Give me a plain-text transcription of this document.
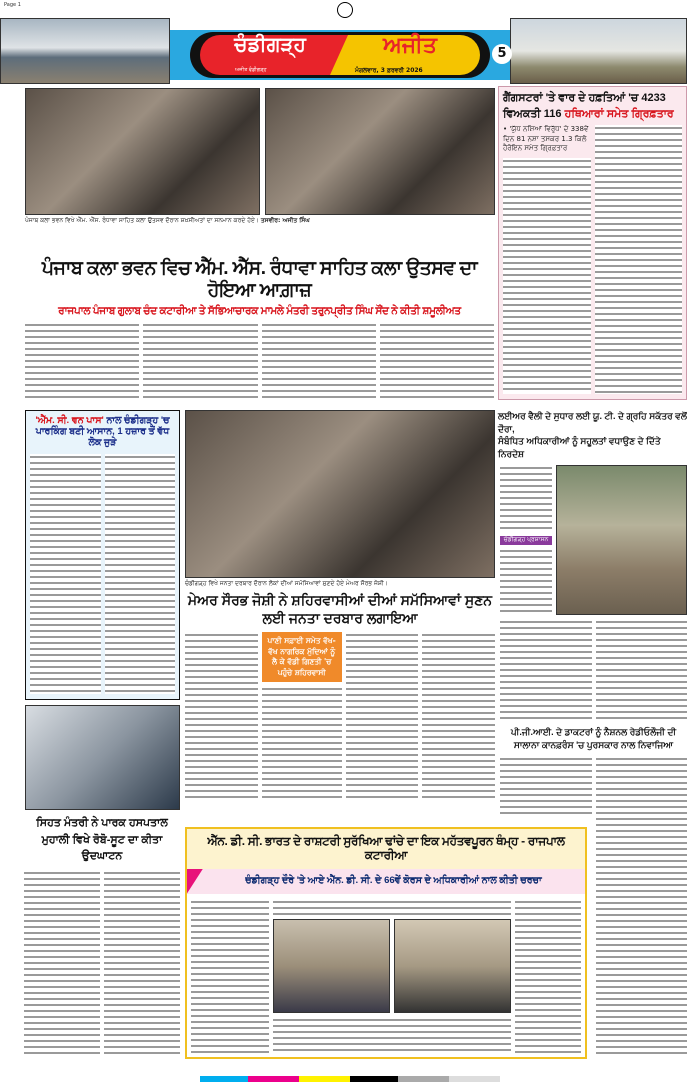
Page 1
ਚੰਡੀਗੜ੍ਹ
ਅਜੀਤ ਵੰਡੀਗੜ੍ਹ
ਅਜੀਤ
ਮੰਗਲਵਾਰ, 3 ਫ਼ਰਵਰੀ 2026
5
ਪੰਜਾਬ ਕਲਾ ਭਵਨ ਵਿਖੇ ਐੱਮ. ਐੱਸ. ਰੰਧਾਵਾ ਸਾਹਿਤ ਕਲਾ ਉਤਸਵ ਦੌਰਾਨ ਸ਼ਖ਼ਸੀਅਤਾਂ ਦਾ ਸਨਮਾਨ ਕਰਦੇ ਹੋਏ। ਤਸਵੀਰ: ਅਜੀਤ ਸਿੰਘ
ਪੰਜਾਬ ਕਲਾ ਭਵਨ ਵਿਚ ਐੱਮ. ਐੱਸ. ਰੰਧਾਵਾ ਸਾਹਿਤ ਕਲਾ ਉਤਸਵ ਦਾ ਹੋਇਆ ਆਗ਼ਾਜ਼
ਰਾਜਪਾਲ ਪੰਜਾਬ ਗੁਲਾਬ ਚੰਦ ਕਟਾਰੀਆ ਤੇ ਸੱਭਿਆਚਾਰਕ ਮਾਮਲੇ ਮੰਤਰੀ ਤਰੁਨਪ੍ਰੀਤ ਸਿੰਘ ਸੌਂਦ ਨੇ ਕੀਤੀ ਸ਼ਮੂਲੀਅਤ
ਗੈਂਗਸਟਰਾਂ 'ਤੇ ਵਾਰ ਦੇ ਹਫ਼ਤਿਆਂ 'ਚ 4233
ਵਿਅਕਤੀ 116 ਹਥਿਆਰਾਂ ਸਮੇਤ ਗ੍ਰਿਫ਼ਤਾਰ
• 'ਯੁੱਧ ਨਸ਼ਿਆਂ ਵਿਰੁੱਧ' ਦੇ 338ਵੇਂ ਦਿਨ 81 ਨਸ਼ਾ ਤਸਕਰ 1.3 ਕਿਲੋ ਹੈਰੋਇਨ ਸਮੇਤ ਗ੍ਰਿਫ਼ਤਾਰ
'ਐੱਮ. ਸੀ. ਵਨ ਪਾਸ' ਨਾਲ ਚੰਡੀਗੜ੍ਹ 'ਚ ਪਾਰਕਿੰਗ ਬਣੀ ਆਸਾਨ, 1 ਹਜ਼ਾਰ ਤੋਂ ਵੱਧ ਲੋਕ ਜੁੜੇ
ਚੰਡੀਗੜ੍ਹ ਵਿਖੇ ਜਨਤਾ ਦਰਬਾਰ ਦੌਰਾਨ ਲੋਕਾਂ ਦੀਆਂ ਸਮੱਸਿਆਵਾਂ ਸੁਣਦੇ ਹੋਏ ਮੇਅਰ ਸੌਰਭ ਜੋਸ਼ੀ।
ਮੇਅਰ ਸੌਰਭ ਜੋਸ਼ੀ ਨੇ ਸ਼ਹਿਰਵਾਸੀਆਂ ਦੀਆਂ ਸਮੱਸਿਆਵਾਂ ਸੁਣਨ ਲਈ ਜਨਤਾ ਦਰਬਾਰ ਲਗਾਇਆ
ਪਾਣੀ ਸਫ਼ਾਈ ਸਮੇਤ ਵੱਖ-ਵੱਖ ਨਾਗਰਿਕ ਮੁੱਦਿਆਂ ਨੂੰ ਲੈ ਕੇ ਵੱਡੀ ਗਿਣਤੀ 'ਚ ਪਹੁੰਚੇ ਸ਼ਹਿਰਵਾਸੀ
ਲਈਅਰ ਵੈਲੀ ਦੇ ਸੁਧਾਰ ਲਈ ਯੂ. ਟੀ. ਦੇ ਗ੍ਰਹਿ ਸਕੱਤਰ ਵਲੋਂ ਦੌਰਾ,
ਸੰਬੰਧਿਤ ਅਧਿਕਾਰੀਆਂ ਨੂੰ ਸਹੂਲਤਾਂ ਵਧਾਉਣ ਦੇ ਦਿੱਤੇ ਨਿਰਦੇਸ਼
ਚੰਡੀਗੜ੍ਹ ਪ੍ਰਸ਼ਾਸਨ
ਪੀ.ਜੀ.ਆਈ. ਦੇ ਡਾਕਟਰਾਂ ਨੂੰ ਨੈਸ਼ਨਲ ਰੇਡੀਓਲੌਜੀ ਦੀ ਸਾਲਾਨਾ ਕਾਨਫ਼ਰੰਸ 'ਚ ਪੁਰਸਕਾਰ ਨਾਲ ਨਿਵਾਜਿਆ
ਸਿਹਤ ਮੰਤਰੀ ਨੇ ਪਾਰਕ ਹਸਪਤਾਲ ਮੁਹਾਲੀ ਵਿਖੇ ਰੋਬੋ-ਸੂਟ ਦਾ ਕੀਤਾ ਉਦਘਾਟਨ
ਐੱਨ. ਡੀ. ਸੀ. ਭਾਰਤ ਦੇ ਰਾਸ਼ਟਰੀ ਸੁਰੱਖਿਆ ਢਾਂਚੇ ਦਾ ਇਕ ਮਹੱਤਵਪੂਰਨ ਥੰਮ੍ਹ - ਰਾਜਪਾਲ ਕਟਾਰੀਆ
ਚੰਡੀਗੜ੍ਹ ਦੌਰੇ 'ਤੇ ਆਏ ਐੱਨ. ਡੀ. ਸੀ. ਦੇ 66ਵੇਂ ਕੋਰਸ ਦੇ ਅਧਿਕਾਰੀਆਂ ਨਾਲ ਕੀਤੀ ਚਰਚਾ
